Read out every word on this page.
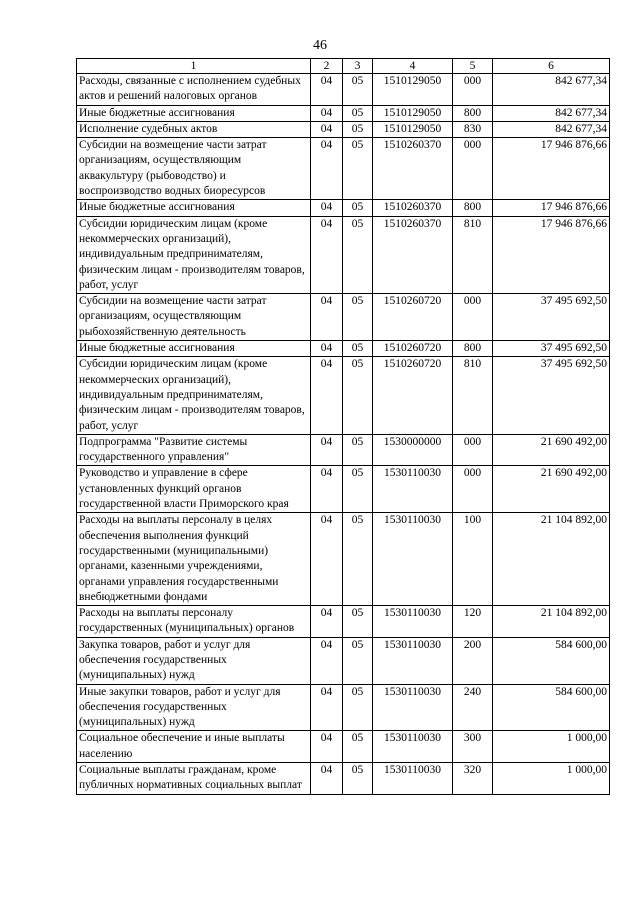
46
1	2	3	4	5	6
Расходы, связанные с исполнением судебных актов и решений налоговых органов	04	05	1510129050	000	842 677,34
Иные бюджетные ассигнования	04	05	1510129050	800	842 677,34
Исполнение судебных актов	04	05	1510129050	830	842 677,34
Субсидии на возмещение части затрат организациям, осуществляющим аквакультуру (рыбоводство) и воспроизводство водных биоресурсов	04	05	1510260370	000	17 946 876,66
Иные бюджетные ассигнования	04	05	1510260370	800	17 946 876,66
Субсидии юридическим лицам (кроме некоммерческих организаций), индивидуальным предпринимателям, физическим лицам - производителям товаров, работ, услуг	04	05	1510260370	810	17 946 876,66
Субсидии на возмещение части затрат организациям, осуществляющим рыбохозяйственную деятельность	04	05	1510260720	000	37 495 692,50
Иные бюджетные ассигнования	04	05	1510260720	800	37 495 692,50
Субсидии юридическим лицам (кроме некоммерческих организаций), индивидуальным предпринимателям, физическим лицам - производителям товаров, работ, услуг	04	05	1510260720	810	37 495 692,50
Подпрограмма "Развитие системы государственного управления"	04	05	1530000000	000	21 690 492,00
Руководство и управление в сфере установленных функций органов государственной власти Приморского края	04	05	1530110030	000	21 690 492,00
Расходы на выплаты персоналу в целях обеспечения выполнения функций государственными (муниципальными) органами, казенными учреждениями, органами управления государственными внебюджетными фондами	04	05	1530110030	100	21 104 892,00
Расходы на выплаты персоналу государственных (муниципальных) органов	04	05	1530110030	120	21 104 892,00
Закупка товаров, работ и услуг для обеспечения государственных (муниципальных) нужд	04	05	1530110030	200	584 600,00
Иные закупки товаров, работ и услуг для обеспечения государственных (муниципальных) нужд	04	05	1530110030	240	584 600,00
Социальное обеспечение и иные выплаты населению	04	05	1530110030	300	1 000,00
Социальные выплаты гражданам, кроме публичных нормативных социальных выплат	04	05	1530110030	320	1 000,00
